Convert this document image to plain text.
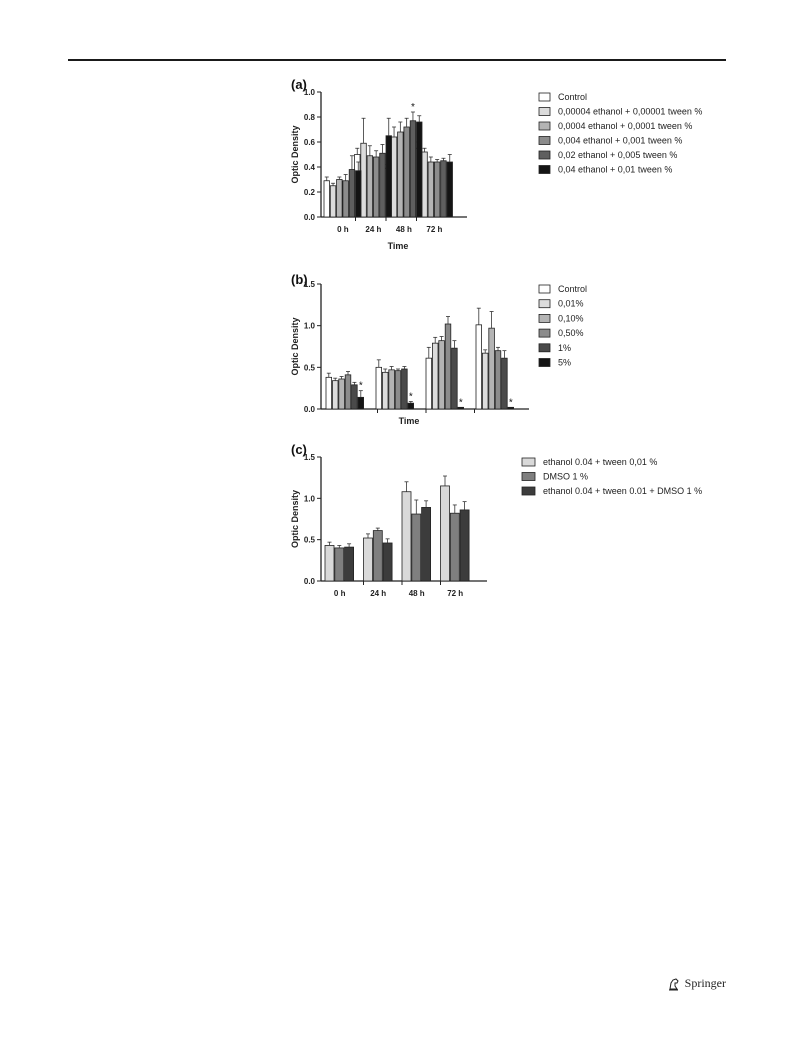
(a)
0.0
0.2
0.4
0.6
0.8
1.0
Optic Density
*
0 h 24 h 48 h 72 h
Time
Control
0,00004 ethanol + 0,00001 tween %
0,0004 ethanol + 0,0001 tween %
0,004 ethanol + 0,001 tween %
0,02 ethanol + 0,005 tween %
0,04 ethanol + 0,01 tween %
(b)
0.0
0.5
1.0
1.5
Optic Density
*
*
*	*
Time
Control
0,01%
0,10%
0,50%
1%
5%
(c)
0.0
0.5
1.0
1.5
Optic Density
0 h	24 h	48 h	72 h
ethanol 0.04 + tween 0,01 %
DMSO 1 %
ethanol 0.04 + tween 0.01 + DMSO 1 %
Springer
